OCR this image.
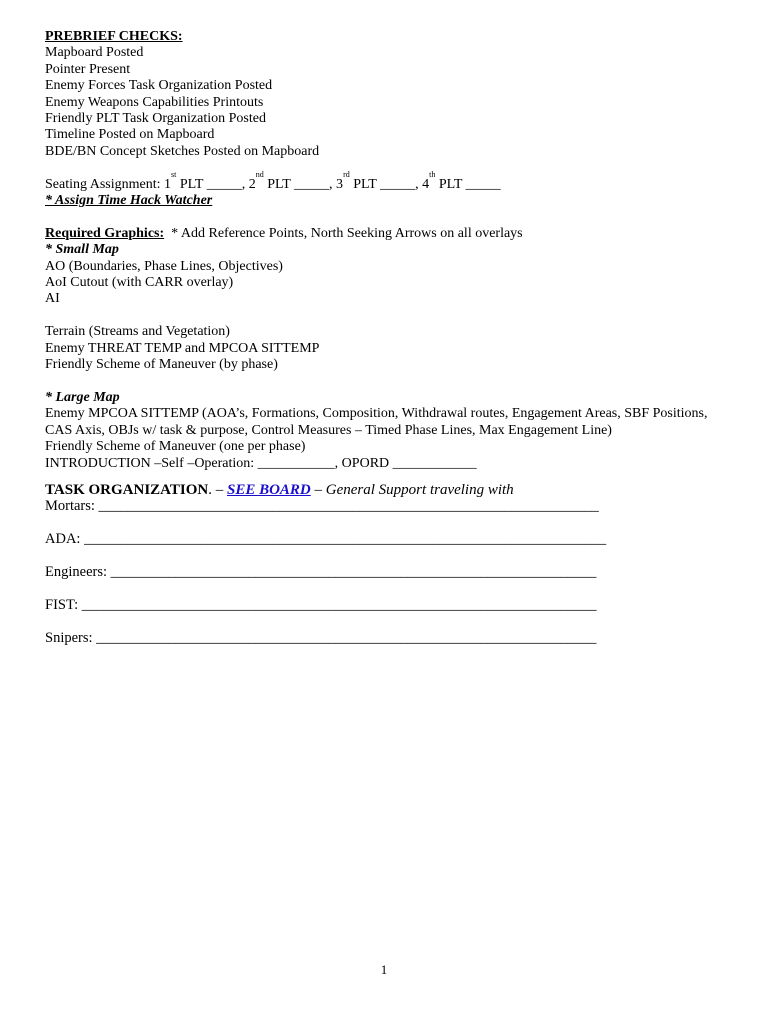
PREBRIEF CHECKS:
Mapboard Posted
Pointer Present
Enemy Forces Task Organization Posted
Enemy Weapons Capabilities Printouts
Friendly PLT Task Organization Posted
Timeline Posted on Mapboard
BDE/BN Concept Sketches Posted on Mapboard
Seating Assignment: 1st PLT _____, 2nd PLT _____, 3rd PLT _____, 4th PLT _____
* Assign Time Hack Watcher
Required Graphics:  * Add Reference Points, North Seeking Arrows on all overlays
* Small Map
AO (Boundaries, Phase Lines, Objectives)
AoI Cutout (with CARR overlay)
AI
Terrain (Streams and Vegetation)
Enemy THREAT TEMP and MPCOA SITTEMP
Friendly Scheme of Maneuver (by phase)
* Large Map
Enemy MPCOA SITTEMP (AOA’s, Formations, Composition, Withdrawal routes, Engagement Areas, SBF Positions,
CAS Axis, OBJs w/ task & purpose, Control Measures – Timed Phase Lines, Max Engagement Line)
Friendly Scheme of Maneuver (one per phase)
INTRODUCTION –Self –Operation: ___________, OPORD ____________
TASK ORGANIZATION. – SEE BOARD – General Support traveling with
Mortars: _____________________________________________________________________
ADA: ________________________________________________________________________
Engineers: ___________________________________________________________________
FIST: _______________________________________________________________________
Snipers: _____________________________________________________________________
1
